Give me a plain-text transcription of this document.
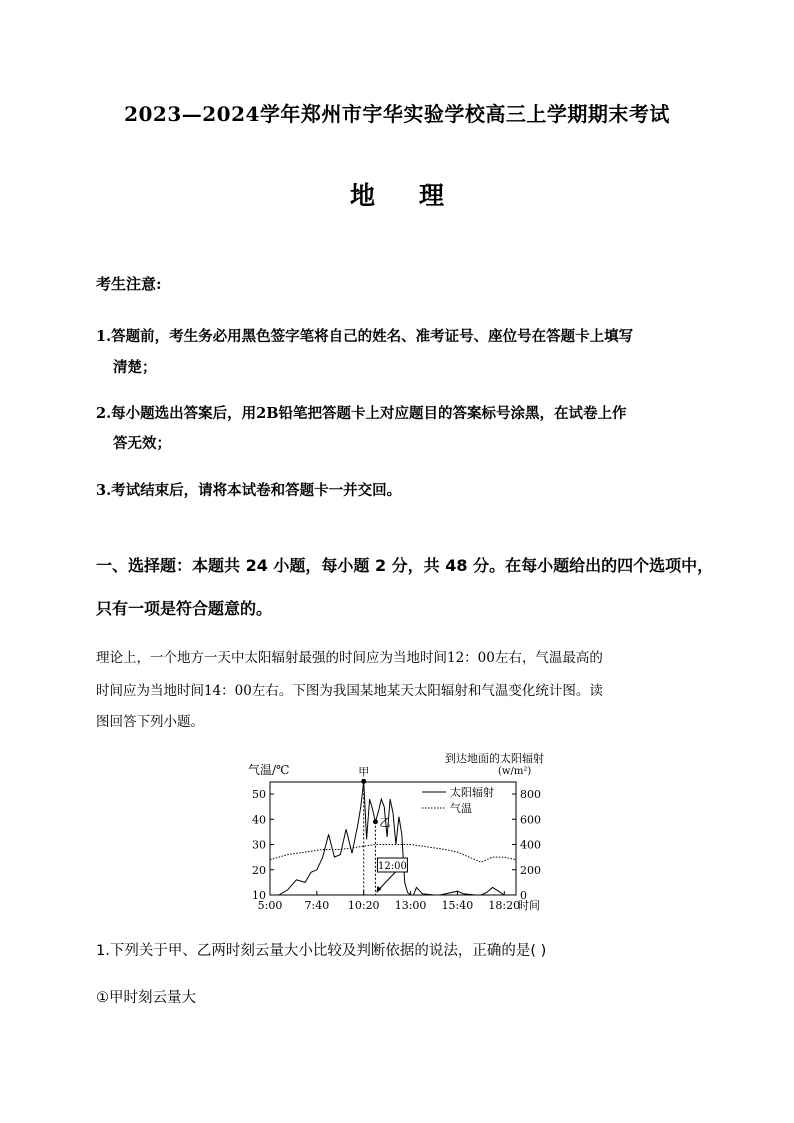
2023—2024学年郑州市宇华实验学校高三上学期期末考试
地理
考生注意:
1.答题前，考生务必用黑色签字笔将自己的姓名、准考证号、座位号在答题卡上填写
清楚；
2.每小题选出答案后，用2B铅笔把答题卡上对应题目的答案标号涂黑，在试卷上作
答无效；
3.考试结束后，请将本试卷和答题卡一并交回。
一、选择题：本题共 24 小题，每小题 2 分，共 48 分。在每小题给出的四个选项中，
只有一项是符合题意的。
理论上，一个地方一天中太阳辐射最强的时间应为当地时间12：00左右，气温最高的
时间应为当地时间14：00左右。下图为我国某地某天太阳辐射和气温变化统计图。读
图回答下列小题。
10
20
30
40
50
0
200
400
600
800
5:00 7:40 10:20 13:00 15:40 18:20
甲
乙
12:00
时间
气温/℃
到达地面的太阳辐射
(w/m²)
太阳辐射
气温
1.下列关于甲、乙两时刻云量大小比较及判断依据的说法，正确的是( )
①甲时刻云量大
